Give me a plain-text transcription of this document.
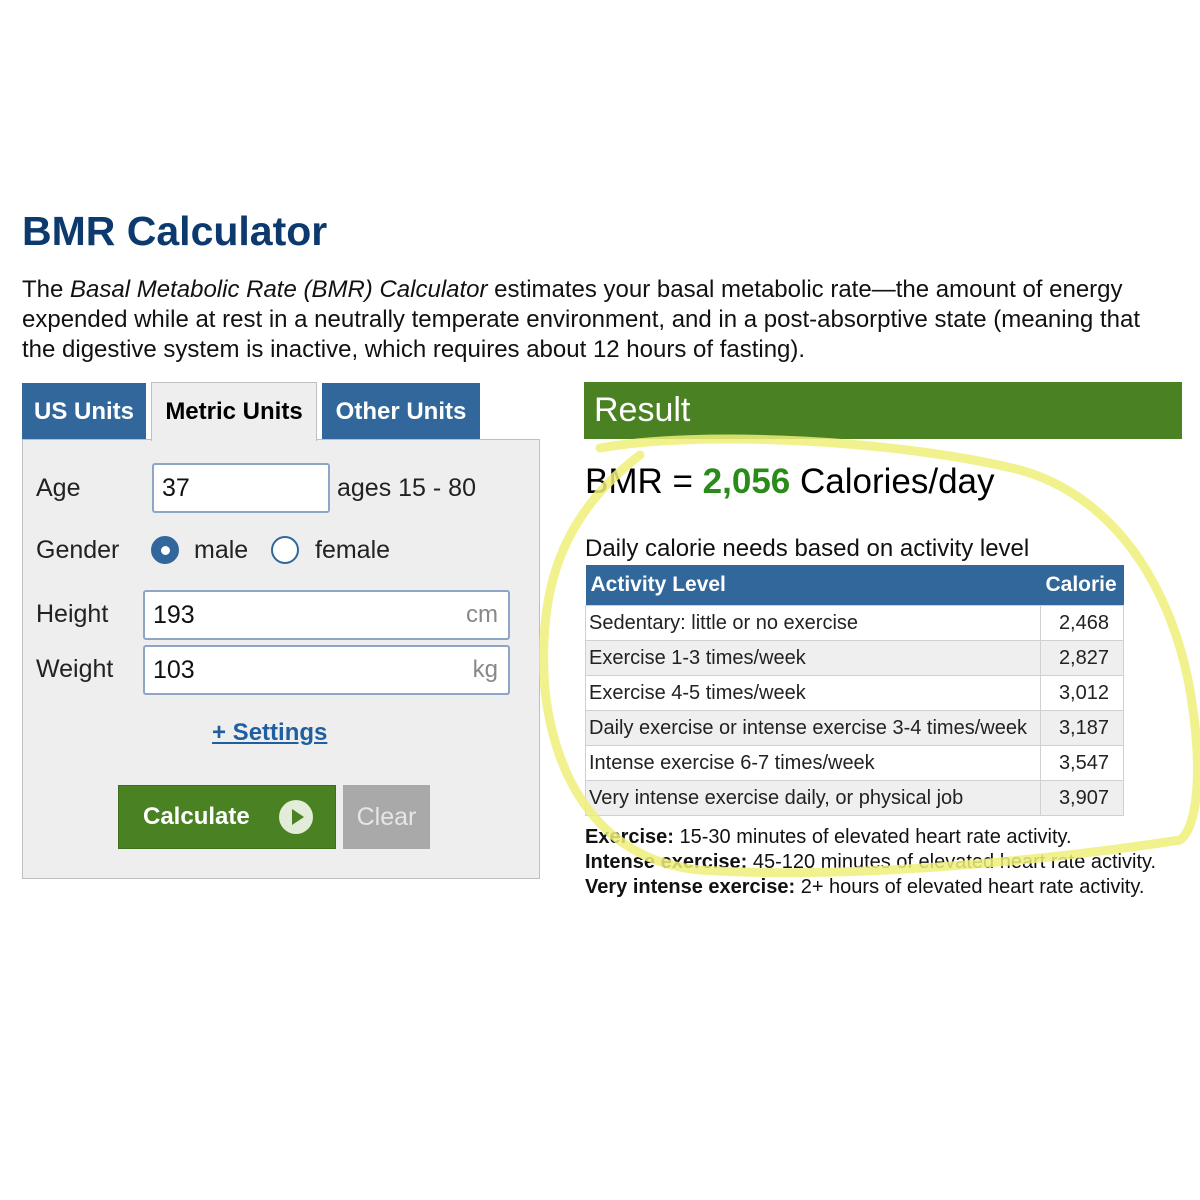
BMR Calculator

The Basal Metabolic Rate (BMR) Calculator estimates your basal metabolic rate—the amount of energy expended while at rest in a neutrally temperate environment, and in a post-absorptive state (meaning that the digestive system is inactive, which requires about 12 hours of fasting).

US Units	Metric Units	Other Units
Age	37	ages 15 - 80
Gender	male	female
Height 193	cm
Weight 103	kg
+ Settings
Calculate	Clear
Result
BMR = 2,056 Calories/day
Daily calorie needs based on activity level
Activity Level	Calorie
Sedentary: little or no exercise	2,468
Exercise 1-3 times/week	2,827
Exercise 4-5 times/week	3,012
Daily exercise or intense exercise 3-4 times/week	3,187
Intense exercise 6-7 times/week	3,547
Very intense exercise daily, or physical job	3,907
Exercise: 15-30 minutes of elevated heart rate activity.
Intense exercise: 45-120 minutes of elevated heart rate activity.
Very intense exercise: 2+ hours of elevated heart rate activity.
